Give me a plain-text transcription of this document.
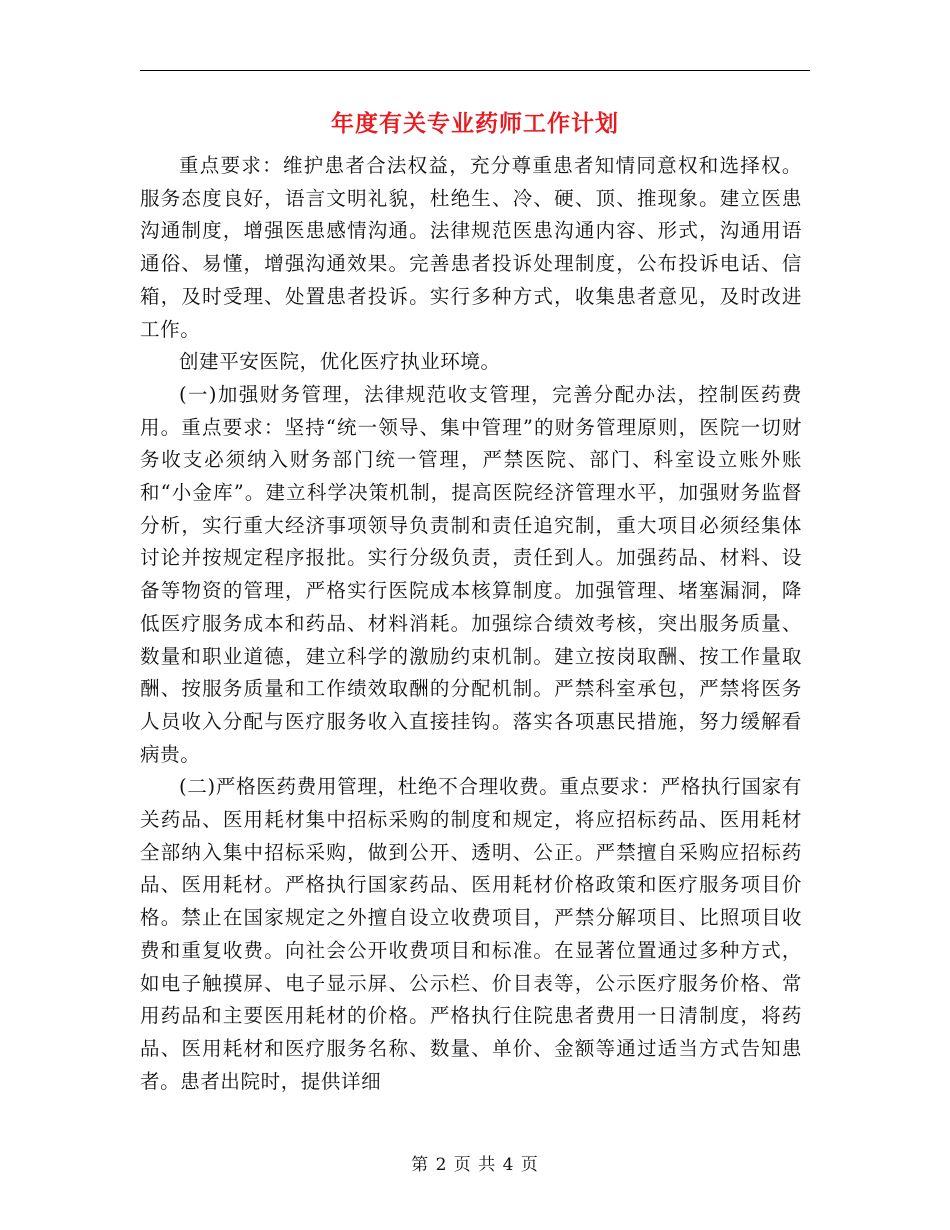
年度有关专业药师工作计划

重点要求：维护患者合法权益，充分尊重患者知情同意权和选择权。服务态度良好，语言文明礼貌，杜绝生、冷、硬、顶、推现象。建立医患沟通制度，增强医患感情沟通。法律规范医患沟通内容、形式，沟通用语通俗、易懂，增强沟通效果。完善患者投诉处理制度，公布投诉电话、信箱，及时受理、处置患者投诉。实行多种方式，收集患者意见，及时改进工作。

创建平安医院，优化医疗执业环境。

(一)加强财务管理，法律规范收支管理，完善分配办法，控制医药费用。重点要求：坚持“统一领导、集中管理”的财务管理原则，医院一切财务收支必须纳入财务部门统一管理，严禁医院、部门、科室设立账外账和“小金库”。建立科学决策机制，提高医院经济管理水平，加强财务监督分析，实行重大经济事项领导负责制和责任追究制，重大项目必须经集体讨论并按规定程序报批。实行分级负责，责任到人。加强药品、材料、设备等物资的管理，严格实行医院成本核算制度。加强管理、堵塞漏洞，降低医疗服务成本和药品、材料消耗。加强综合绩效考核，突出服务质量、数量和职业道德，建立科学的激励约束机制。建立按岗取酬、按工作量取酬、按服务质量和工作绩效取酬的分配机制。严禁科室承包，严禁将医务人员收入分配与医疗服务收入直接挂钩。落实各项惠民措施，努力缓解看病贵。

(二)严格医药费用管理，杜绝不合理收费。重点要求：严格执行国家有关药品、医用耗材集中招标采购的制度和规定，将应招标药品、医用耗材全部纳入集中招标采购，做到公开、透明、公正。严禁擅自采购应招标药品、医用耗材。严格执行国家药品、医用耗材价格政策和医疗服务项目价格。禁止在国家规定之外擅自设立收费项目，严禁分解项目、比照项目收费和重复收费。向社会公开收费项目和标准。在显著位置通过多种方式，如电子触摸屏、电子显示屏、公示栏、价目表等，公示医疗服务价格、常用药品和主要医用耗材的价格。严格执行住院患者费用一日清制度，将药品、医用耗材和医疗服务名称、数量、单价、金额等通过适当方式告知患者。患者出院时，提供详细

第 2 页 共 4 页
